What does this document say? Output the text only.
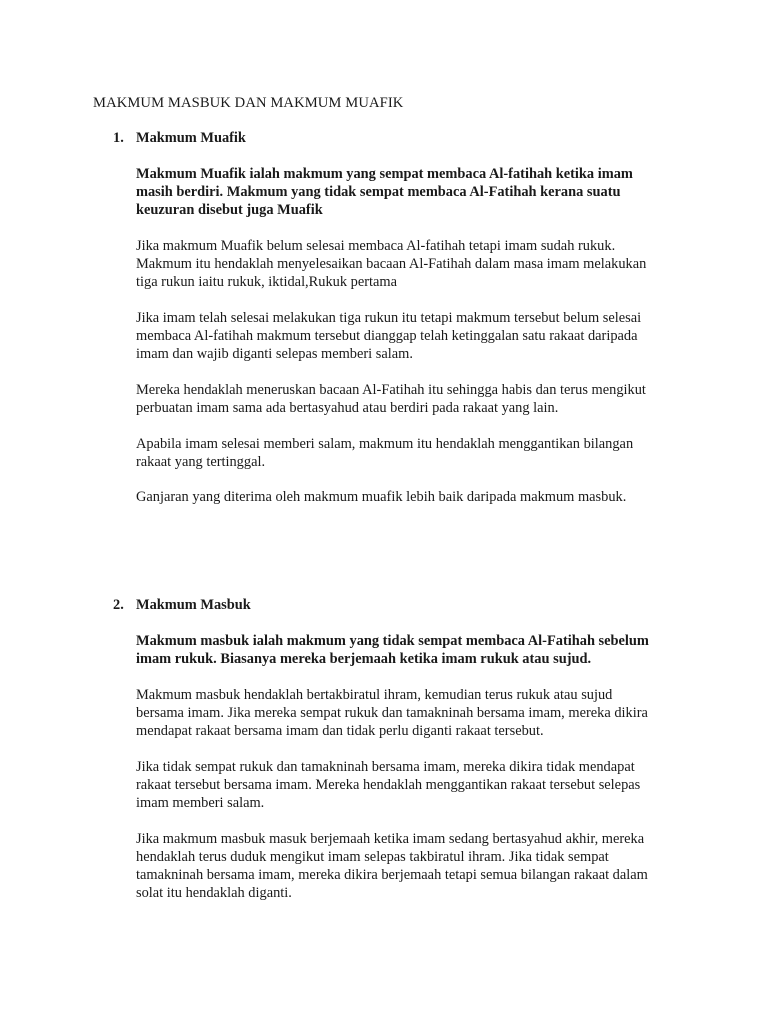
MAKMUM MASBUK DAN MAKMUM MUAFIK
1. Makmum Muafik

Makmum Muafik ialah makmum yang sempat membaca Al-fatihah ketika imam
masih berdiri. Makmum yang tidak sempat membaca Al-Fatihah kerana suatu
keuzuran disebut juga Muafik

Jika makmum Muafik belum selesai membaca Al-fatihah tetapi imam sudah rukuk.
Makmum itu hendaklah menyelesaikan bacaan Al-Fatihah dalam masa imam melakukan
tiga rukun iaitu rukuk, iktidal,Rukuk pertama

Jika imam telah selesai melakukan tiga rukun itu tetapi makmum tersebut belum selesai
membaca Al-fatihah makmum tersebut dianggap telah ketinggalan satu rakaat daripada
imam dan wajib diganti selepas memberi salam.

Mereka hendaklah meneruskan bacaan Al-Fatihah itu sehingga habis dan terus mengikut
perbuatan imam sama ada bertasyahud atau berdiri pada rakaat yang lain.

Apabila imam selesai memberi salam, makmum itu hendaklah menggantikan bilangan
rakaat yang tertinggal.

Ganjaran yang diterima oleh makmum muafik lebih baik daripada makmum masbuk.

2. Makmum Masbuk

Makmum masbuk ialah makmum yang tidak sempat membaca Al-Fatihah sebelum
imam rukuk. Biasanya mereka berjemaah ketika imam rukuk atau sujud.

Makmum masbuk hendaklah bertakbiratul ihram, kemudian terus rukuk atau sujud
bersama imam. Jika mereka sempat rukuk dan tamakninah bersama imam, mereka dikira
mendapat rakaat bersama imam dan tidak perlu diganti rakaat tersebut.

Jika tidak sempat rukuk dan tamakninah bersama imam, mereka dikira tidak mendapat
rakaat tersebut bersama imam. Mereka hendaklah menggantikan rakaat tersebut selepas
imam memberi salam.

Jika makmum masbuk masuk berjemaah ketika imam sedang bertasyahud akhir, mereka
hendaklah terus duduk mengikut imam selepas takbiratul ihram. Jika tidak sempat
tamakninah bersama imam, mereka dikira berjemaah tetapi semua bilangan rakaat dalam
solat itu hendaklah diganti.
